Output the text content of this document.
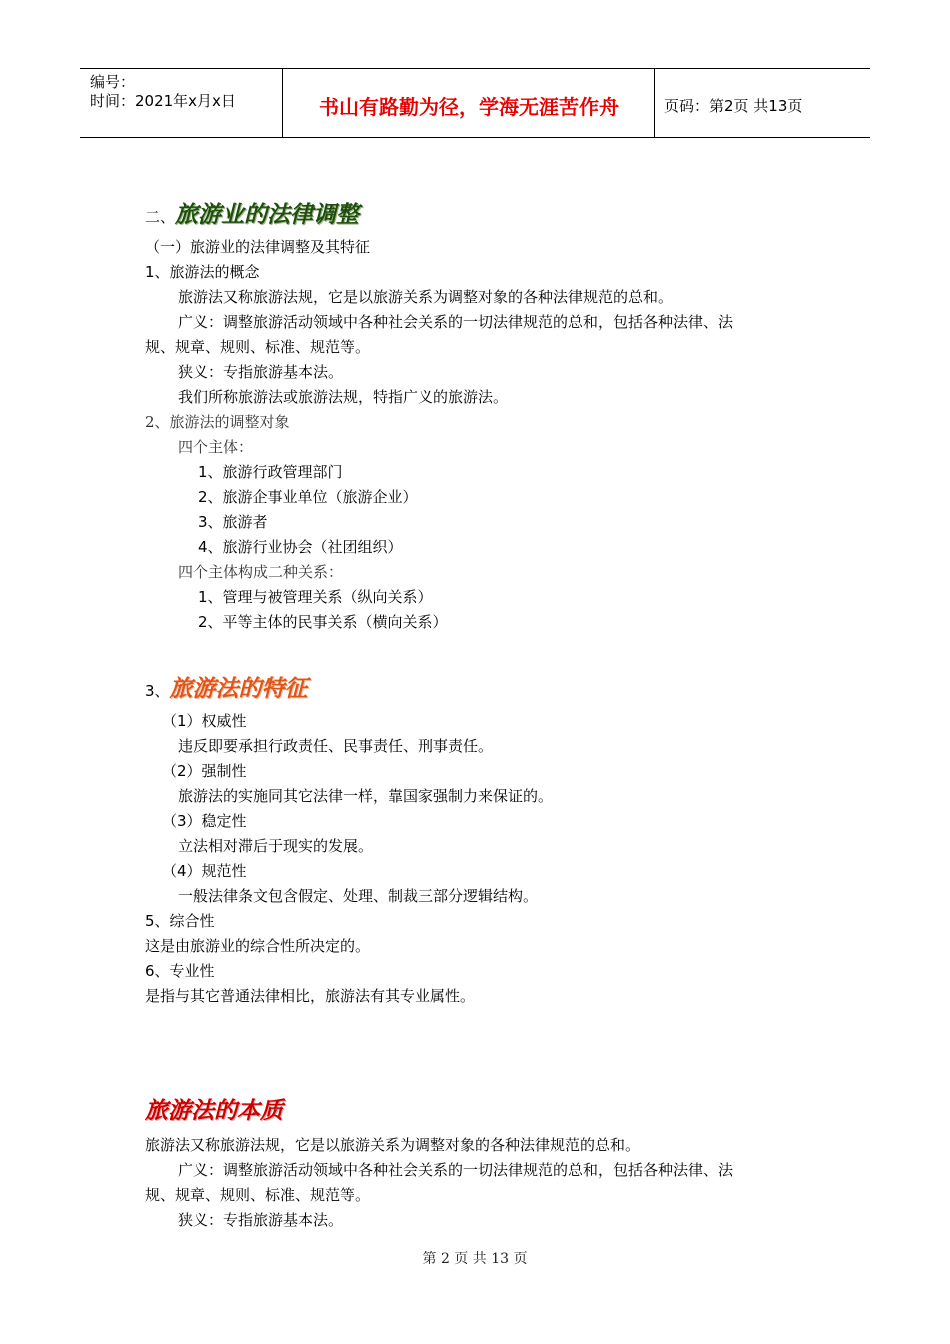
编号：
时间：2021年x月x日	书山有路勤为径，学海无涯苦作舟	页码：第2页 共13页
二、旅游业的法律调整
（一）旅游业的法律调整及其特征
1、旅游法的概念
旅游法又称旅游法规，它是以旅游关系为调整对象的各种法律规范的总和。
广义：调整旅游活动领域中各种社会关系的一切法律规范的总和，包括各种法律、法
规、规章、规则、标准、规范等。
狭义：专指旅游基本法。
我们所称旅游法或旅游法规，特指广义的旅游法。
2、旅游法的调整对象
四个主体：
1、旅游行政管理部门
2、旅游企事业单位（旅游企业）
3、旅游者
4、旅游行业协会（社团组织）
四个主体构成二种关系：
1、管理与被管理关系（纵向关系）
2、平等主体的民事关系（横向关系）
3、旅游法的特征
（1）权威性
违反即要承担行政责任、民事责任、刑事责任。
（2）强制性
旅游法的实施同其它法律一样，靠国家强制力来保证的。
（3）稳定性
立法相对滞后于现实的发展。
（4）规范性
一般法律条文包含假定、处理、制裁三部分逻辑结构。
5、综合性
这是由旅游业的综合性所决定的。
6、专业性
是指与其它普通法律相比，旅游法有其专业属性。
旅游法的本质
旅游法又称旅游法规，它是以旅游关系为调整对象的各种法律规范的总和。
广义：调整旅游活动领域中各种社会关系的一切法律规范的总和，包括各种法律、法
规、规章、规则、标准、规范等。
狭义：专指旅游基本法。
第 2 页 共 13 页
